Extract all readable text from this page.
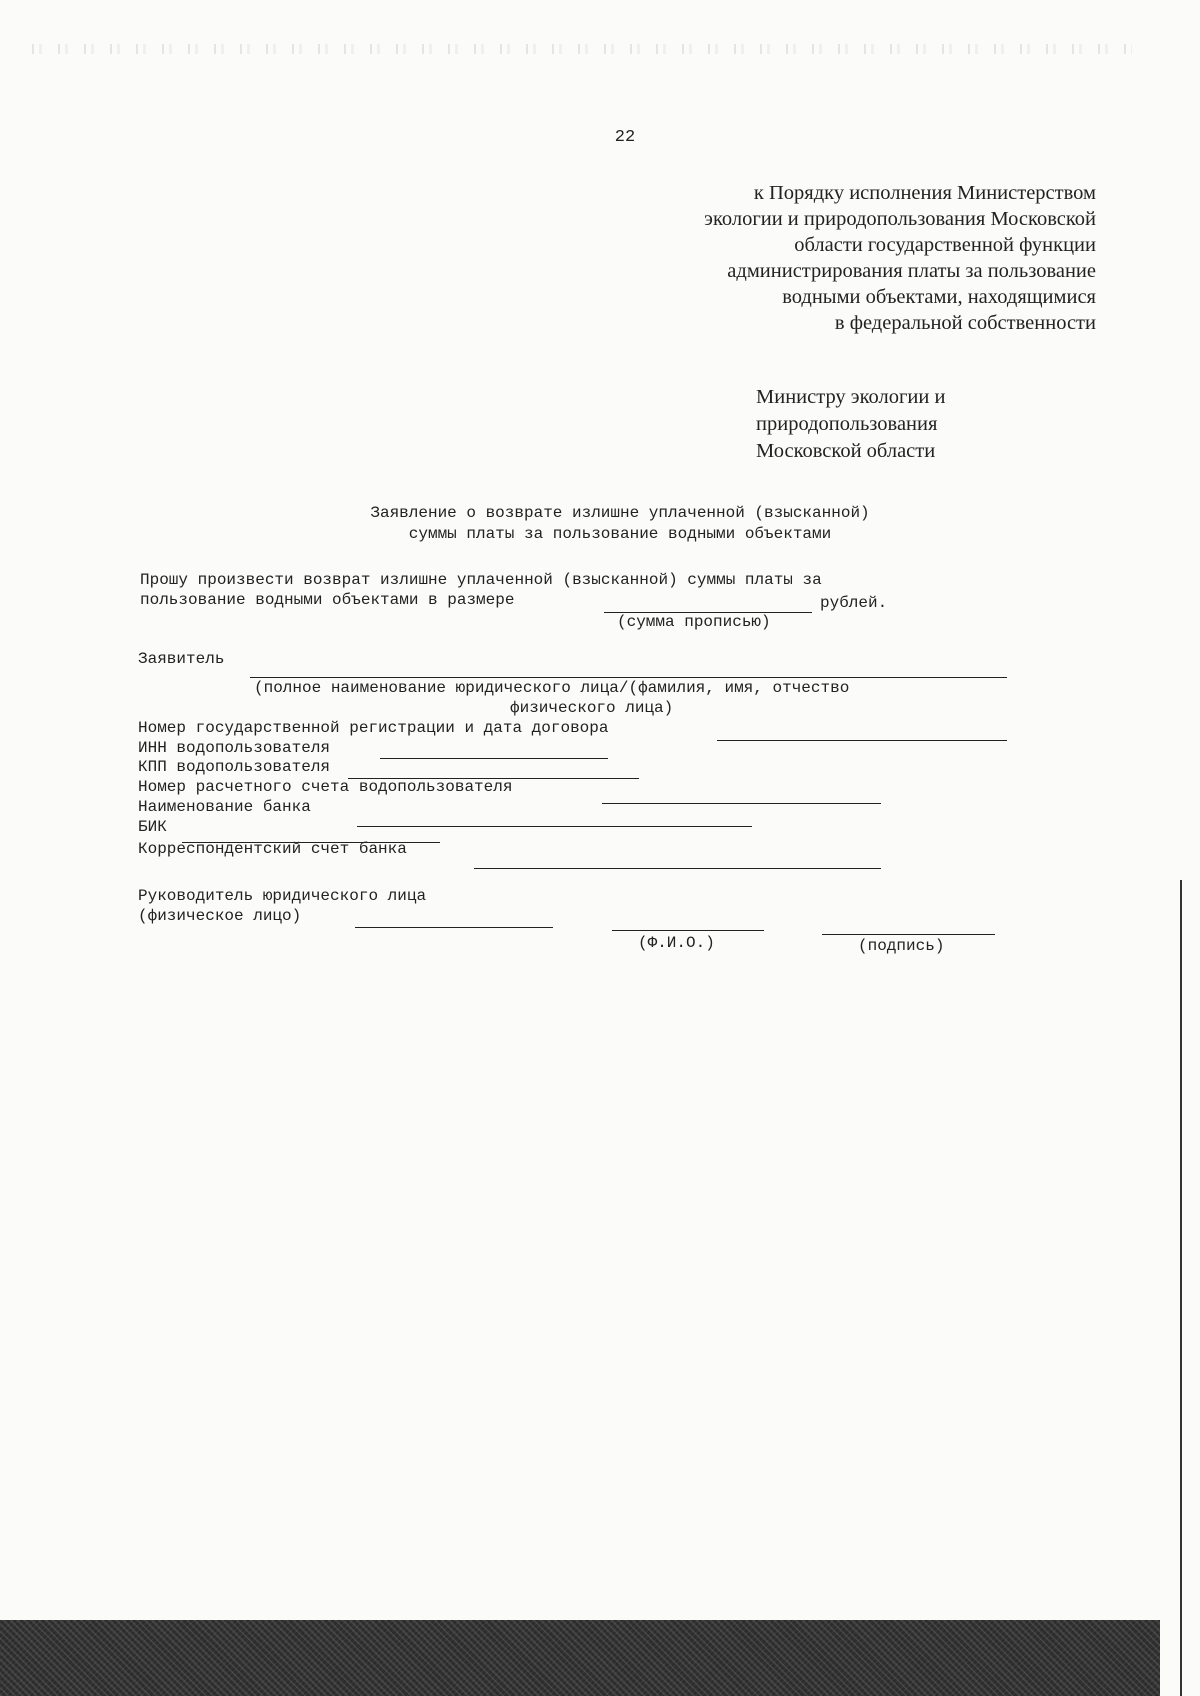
22
к Порядку исполнения Министерством
экологии и природопользования Московской
области государственной функции
администрирования платы за пользование
водными объектами, находящимися
в федеральной собственности
Министру экологии и
природопользования
Московской области
Заявление о возврате излишне уплаченной (взысканной)
суммы платы за пользование водными объектами
Прошу произвести возврат излишне уплаченной (взысканной) суммы платы за
пользование водными объектами в размере	рублей.
(сумма прописью)
Заявитель
(полное наименование юридического лица/(фамилия, имя, отчество
физического лица)
Номер государственной регистрации и дата договора
ИНН водопользователя
КПП водопользователя
Номер расчетного счета водопользователя
Наименование банка
БИК
Корреспондентский счет банка
Руководитель юридического лица
(физическое лицо)
(Ф.И.О.)	(подпись)
